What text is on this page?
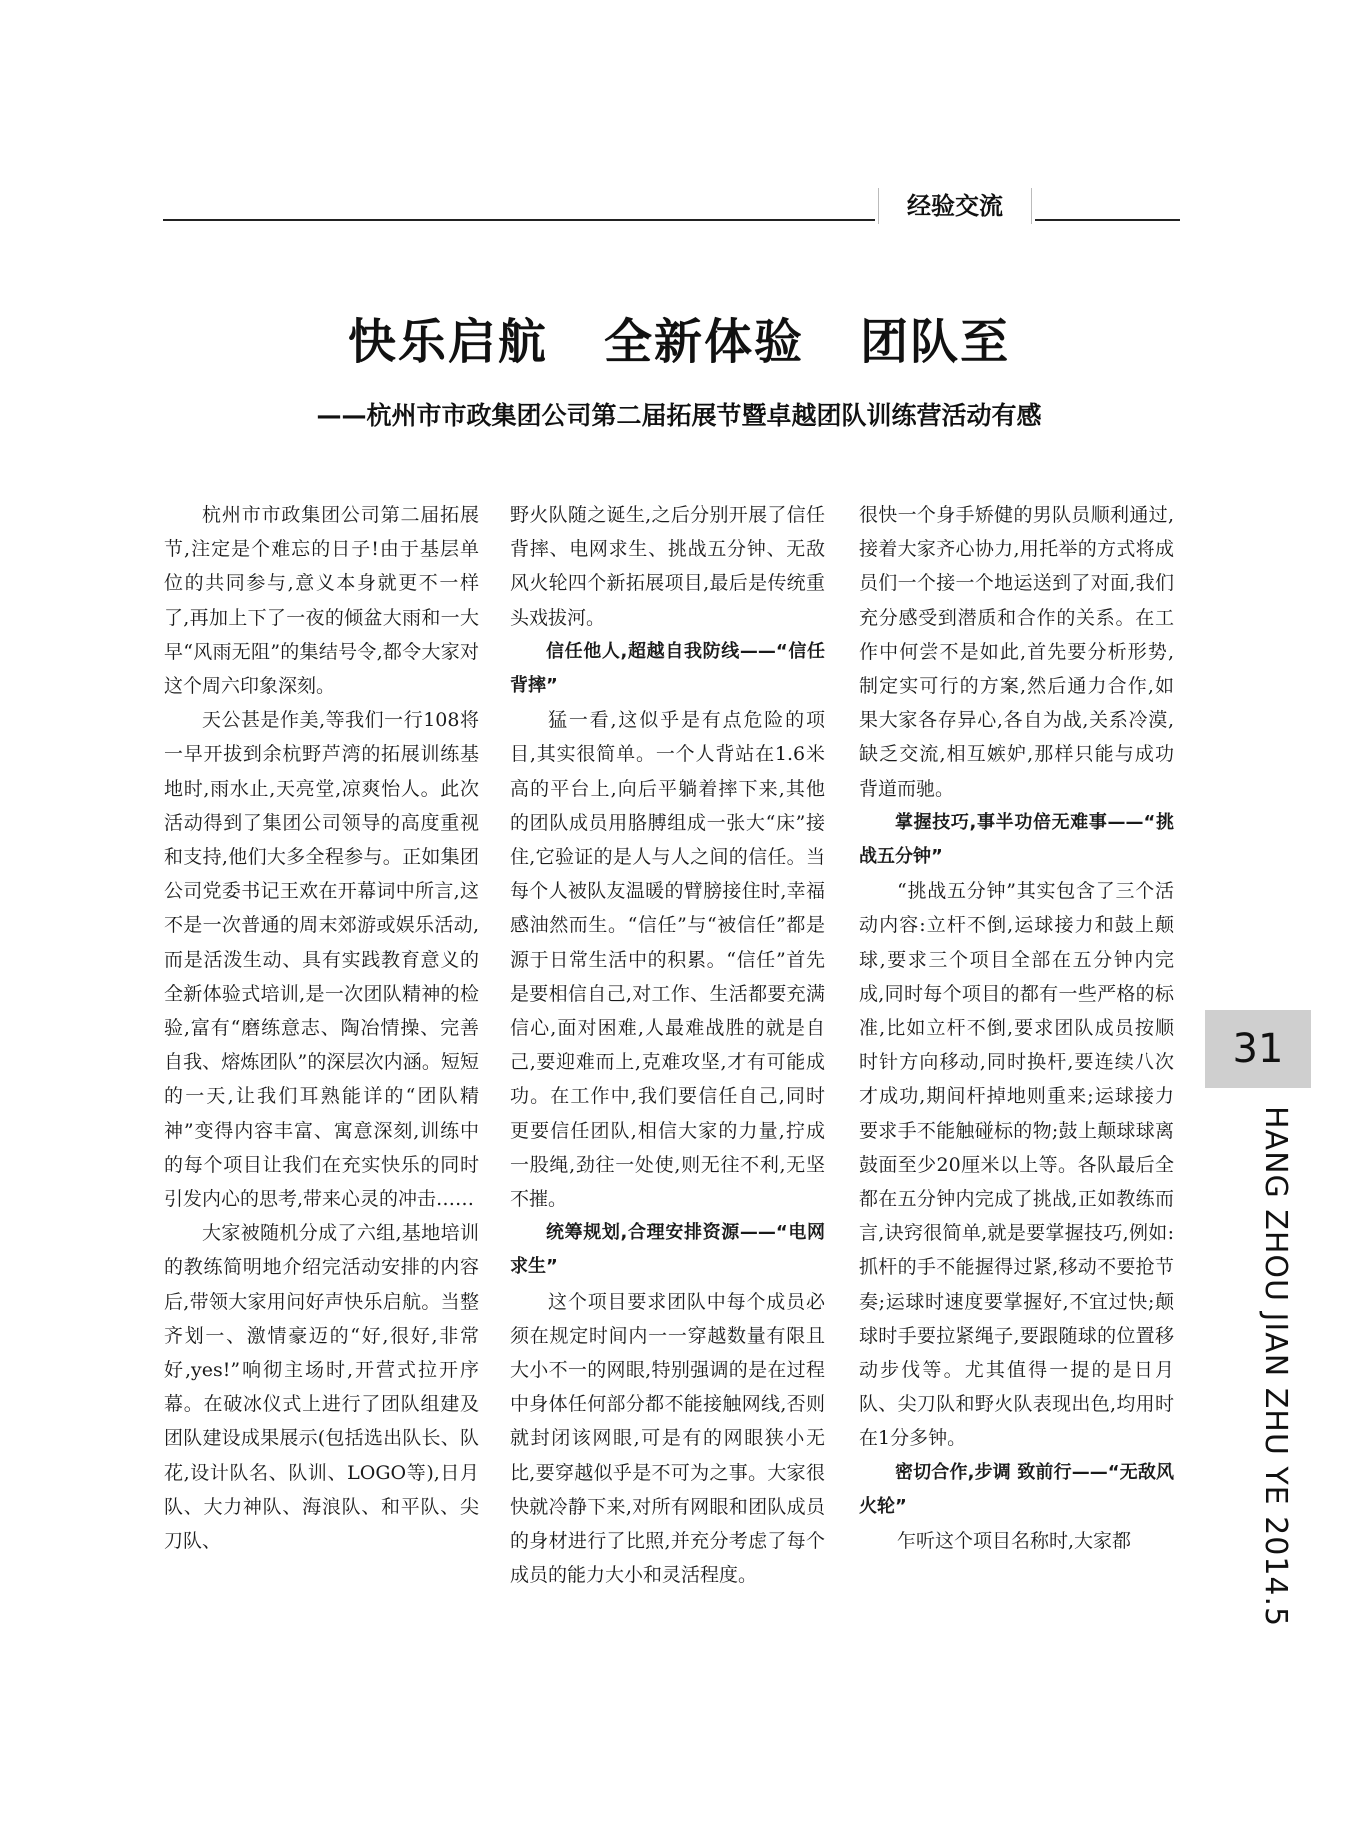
经验交流
快乐启航   全新体验   团队至
——杭州市市政集团公司第二届拓展节暨卓越团队训练营活动有感

杭州市市政集团公司第二届拓展节,注定是个难忘的日子!由于基层单位的共同参与,意义本身就更不一样了,再加上下了一夜的倾盆大雨和一大早“风雨无阻”的集结号令,都令大家对这个周六印象深刻。

天公甚是作美,等我们一行108将一早开拔到余杭野芦湾的拓展训练基地时,雨水止,天亮堂,凉爽怡人。此次活动得到了集团公司领导的高度重视和支持,他们大多全程参与。正如集团公司党委书记王欢在开幕词中所言,这不是一次普通的周末郊游或娱乐活动,而是活泼生动、具有实践教育意义的全新体验式培训,是一次团队精神的检验,富有“磨练意志、陶冶情操、完善自我、熔炼团队”的深层次内涵。短短的一天,让我们耳熟能详的“团队精神”变得内容丰富、寓意深刻,训练中的每个项目让我们在充实快乐的同时引发内心的思考,带来心灵的冲击……

大家被随机分成了六组,基地培训的教练简明地介绍完活动安排的内容后,带领大家用问好声快乐启航。当整齐划一、激情豪迈的“好,很好,非常好,yes!”响彻主场时,开营式拉开序幕。在破冰仪式上进行了团队组建及团队建设成果展示(包括选出队长、队花,设计队名、队训、LOGO等),日月队、大力神队、海浪队、和平队、尖刀队、

野火队随之诞生,之后分别开展了信任背摔、电网求生、挑战五分钟、无敌风火轮四个新拓展项目,最后是传统重头戏拔河。

信任他人,超越自我防线——“信任背摔”

猛一看,这似乎是有点危险的项目,其实很简单。一个人背站在1.6米高的平台上,向后平躺着摔下来,其他的团队成员用胳膊组成一张大“床”接住,它验证的是人与人之间的信任。当每个人被队友温暖的臂膀接住时,幸福感油然而生。“信任”与“被信任”都是源于日常生活中的积累。“信任”首先是要相信自己,对工作、生活都要充满信心,面对困难,人最难战胜的就是自己,要迎难而上,克难攻坚,才有可能成功。在工作中,我们要信任自己,同时更要信任团队,相信大家的力量,拧成一股绳,劲往一处使,则无往不利,无坚不摧。

统筹规划,合理安排资源——“电网求生”

这个项目要求团队中每个成员必须在规定时间内一一穿越数量有限且大小不一的网眼,特别强调的是在过程中身体任何部分都不能接触网线,否则就封闭该网眼,可是有的网眼狭小无比,要穿越似乎是不可为之事。大家很快就冷静下来,对所有网眼和团队成员的身材进行了比照,并充分考虑了每个成员的能力大小和灵活程度。

很快一个身手矫健的男队员顺利通过,接着大家齐心协力,用托举的方式将成员们一个接一个地运送到了对面,我们充分感受到潜质和合作的关系。在工作中何尝不是如此,首先要分析形势,制定实可行的方案,然后通力合作,如果大家各存异心,各自为战,关系冷漠,缺乏交流,相互嫉妒,那样只能与成功背道而驰。

掌握技巧,事半功倍无难事——“挑战五分钟”

“挑战五分钟”其实包含了三个活动内容:立杆不倒,运球接力和鼓上颠球,要求三个项目全部在五分钟内完成,同时每个项目的都有一些严格的标准,比如立杆不倒,要求团队成员按顺时针方向移动,同时换杆,要连续八次才成功,期间杆掉地则重来;运球接力要求手不能触碰标的物;鼓上颠球球离鼓面至少20厘米以上等。各队最后全都在五分钟内完成了挑战,正如教练而言,诀窍很简单,就是要掌握技巧,例如:抓杆的手不能握得过紧,移动不要抢节奏;运球时速度要掌握好,不宜过快;颠球时手要拉紧绳子,要跟随球的位置移动步伐等。尤其值得一提的是日月队、尖刀队和野火队表现出色,均用时在1分多钟。

密切合作,步调 致前行——“无敌风火轮”

乍听这个项目名称时,大家都

31
HANG ZHOU JIAN ZHU YE 2014.5
